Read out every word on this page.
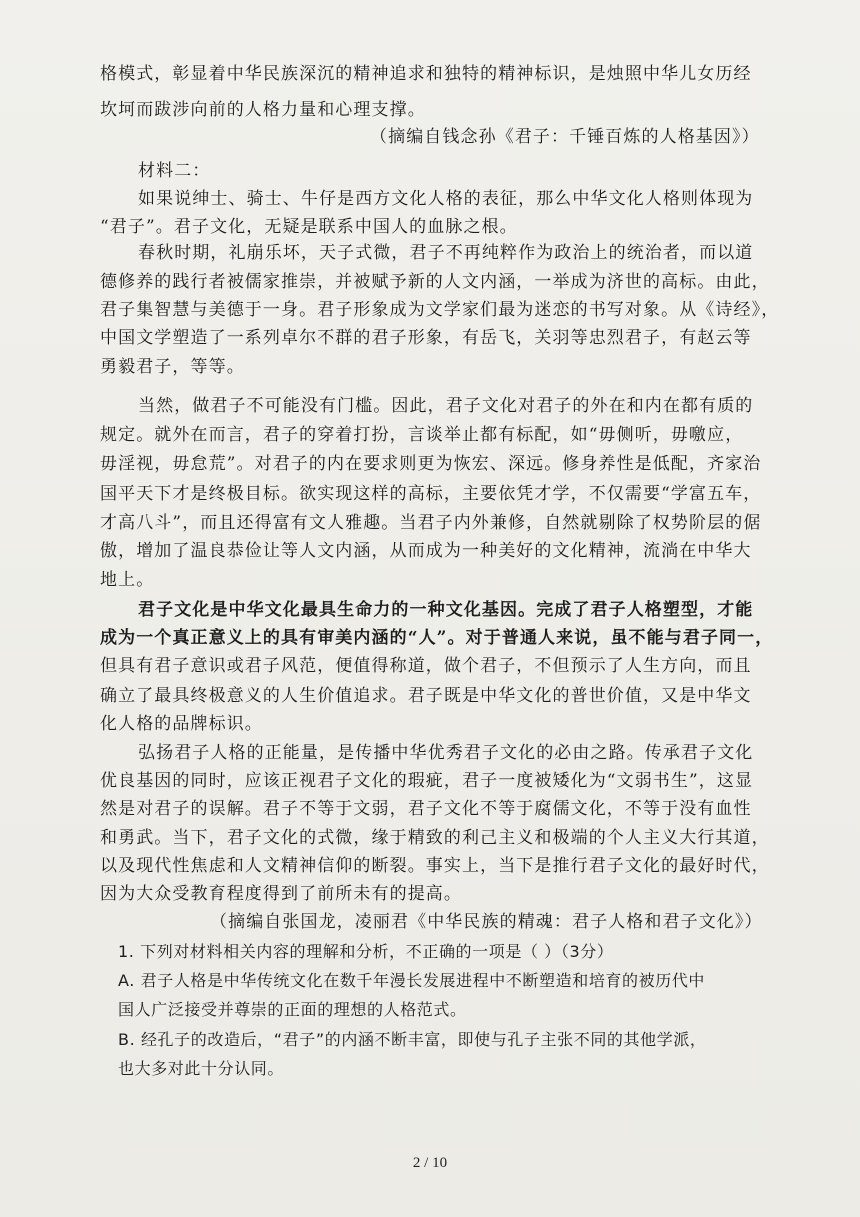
格模式，彰显着中华民族深沉的精神追求和独特的精神标识，是烛照中华儿女历经
坎坷而跋涉向前的人格力量和心理支撑。
（摘编自钱念孙《君子：千锤百炼的人格基因》）
材料二：
如果说绅士、骑士、牛仔是西方文化人格的表征，那么中华文化人格则体现为
“君子”。君子文化，无疑是联系中国人的血脉之根。
春秋时期，礼崩乐坏，天子式微，君子不再纯粹作为政治上的统治者，而以道
德修养的践行者被儒家推崇，并被赋予新的人文内涵，一举成为济世的高标。由此，
君子集智慧与美德于一身。君子形象成为文学家们最为迷恋的书写对象。从《诗经》，
中国文学塑造了一系列卓尔不群的君子形象，有岳飞，关羽等忠烈君子，有赵云等
勇毅君子，等等。
当然，做君子不可能没有门槛。因此，君子文化对君子的外在和内在都有质的
规定。就外在而言，君子的穿着打扮，言谈举止都有标配，如“毋侧听，毋噭应，
毋淫视，毋怠荒”。对君子的内在要求则更为恢宏、深远。修身养性是低配，齐家治
国平天下才是终极目标。欲实现这样的高标，主要依凭才学，不仅需要“学富五车，
才高八斗”，而且还得富有文人雅趣。当君子内外兼修，自然就剔除了权势阶层的倨
傲，增加了温良恭俭让等人文内涵，从而成为一种美好的文化精神，流淌在中华大
地上。
君子文化是中华文化最具生命力的一种文化基因。完成了君子人格塑型，才能
成为一个真正意义上的具有审美内涵的“人”。对于普通人来说，虽不能与君子同一，
但具有君子意识或君子风范，便值得称道，做个君子，不但预示了人生方向，而且
确立了最具终极意义的人生价值追求。君子既是中华文化的普世价值，又是中华文
化人格的品牌标识。
弘扬君子人格的正能量，是传播中华优秀君子文化的必由之路。传承君子文化
优良基因的同时，应该正视君子文化的瑕疵，君子一度被矮化为“文弱书生”，这显
然是对君子的误解。君子不等于文弱，君子文化不等于腐儒文化，不等于没有血性
和勇武。当下，君子文化的式微，缘于精致的利己主义和极端的个人主义大行其道，
以及现代性焦虑和人文精神信仰的断裂。事实上，当下是推行君子文化的最好时代，
因为大众受教育程度得到了前所未有的提高。
（摘编自张国龙，凌丽君《中华民族的精魂：君子人格和君子文化》）
1. 下列对材料相关内容的理解和分析，不正确的一项是（ ）（3分）
A. 君子人格是中华传统文化在数千年漫长发展进程中不断塑造和培育的被历代中
国人广泛接受并尊崇的正面的理想的人格范式。
B. 经孔子的改造后，“君子”的内涵不断丰富，即使与孔子主张不同的其他学派，
也大多对此十分认同。
2 / 10
